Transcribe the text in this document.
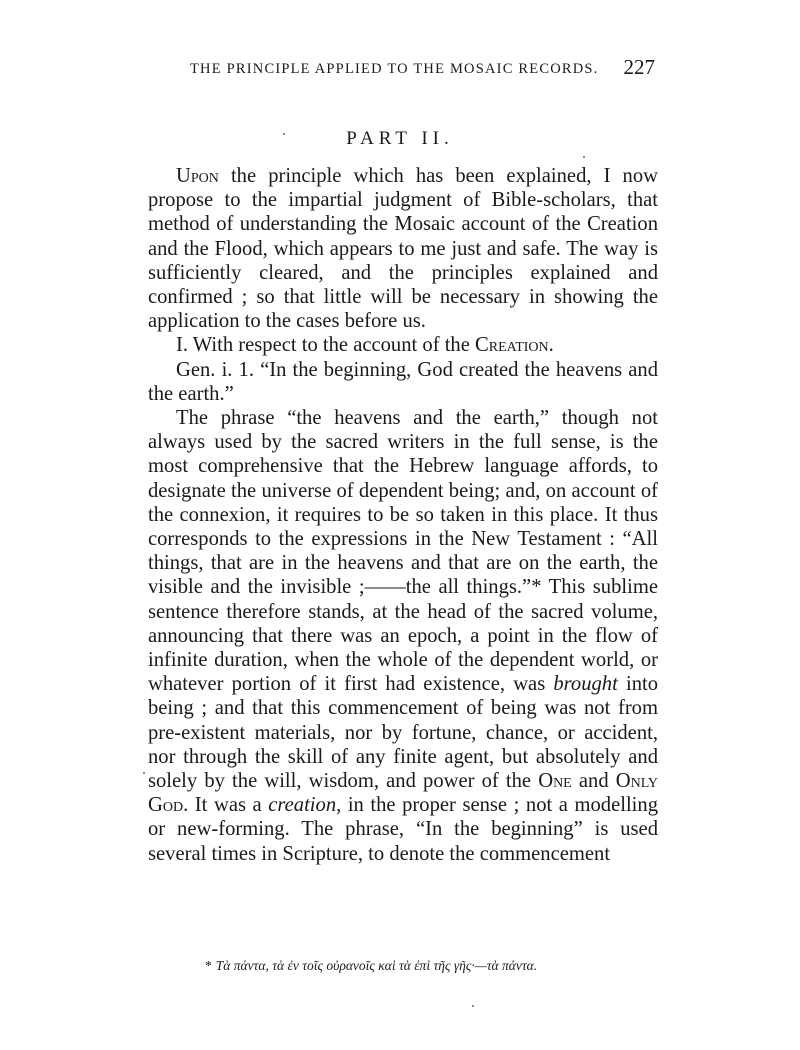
THE PRINCIPLE APPLIED TO THE MOSAIC RECORDS. 227
PART II.

Upon the principle which has been explained, I now propose to the impartial judgment of Bible-scholars, that method of understanding the Mosaic account of the Creation and the Flood, which appears to me just and safe. The way is sufficiently cleared, and the principles explained and confirmed ; so that little will be necessary in showing the application to the cases before us.

I. With respect to the account of the Creation.

Gen. i. 1. “In the beginning, God created the heavens and the earth.”

The phrase “the heavens and the earth,” though not always used by the sacred writers in the full sense, is the most comprehensive that the Hebrew language affords, to designate the universe of dependent being; and, on account of the connexion, it requires to be so taken in this place. It thus corresponds to the expressions in the New Testament : “All things, that are in the heavens and that are on the earth, the visible and the invisible ;——the all things.”* This sublime sentence therefore stands, at the head of the sacred volume, announcing that there was an epoch, a point in the flow of infinite duration, when the whole of the dependent world, or whatever portion of it first had existence, was brought into being ; and that this commencement of being was not from pre-existent materials, nor by fortune, chance, or accident, nor through the skill of any finite agent, but absolutely and solely by the will, wisdom, and power of the One and Only God. It was a creation, in the proper sense ; not a modelling or new-forming. The phrase, “In the beginning” is used several times in Scripture, to denote the commencement

* Τὰ πάντα, τὰ ἐν τοῖς οὐρανοῖς καὶ τὰ ἐπὶ τῆς γῆς·—τὰ πάντα.
